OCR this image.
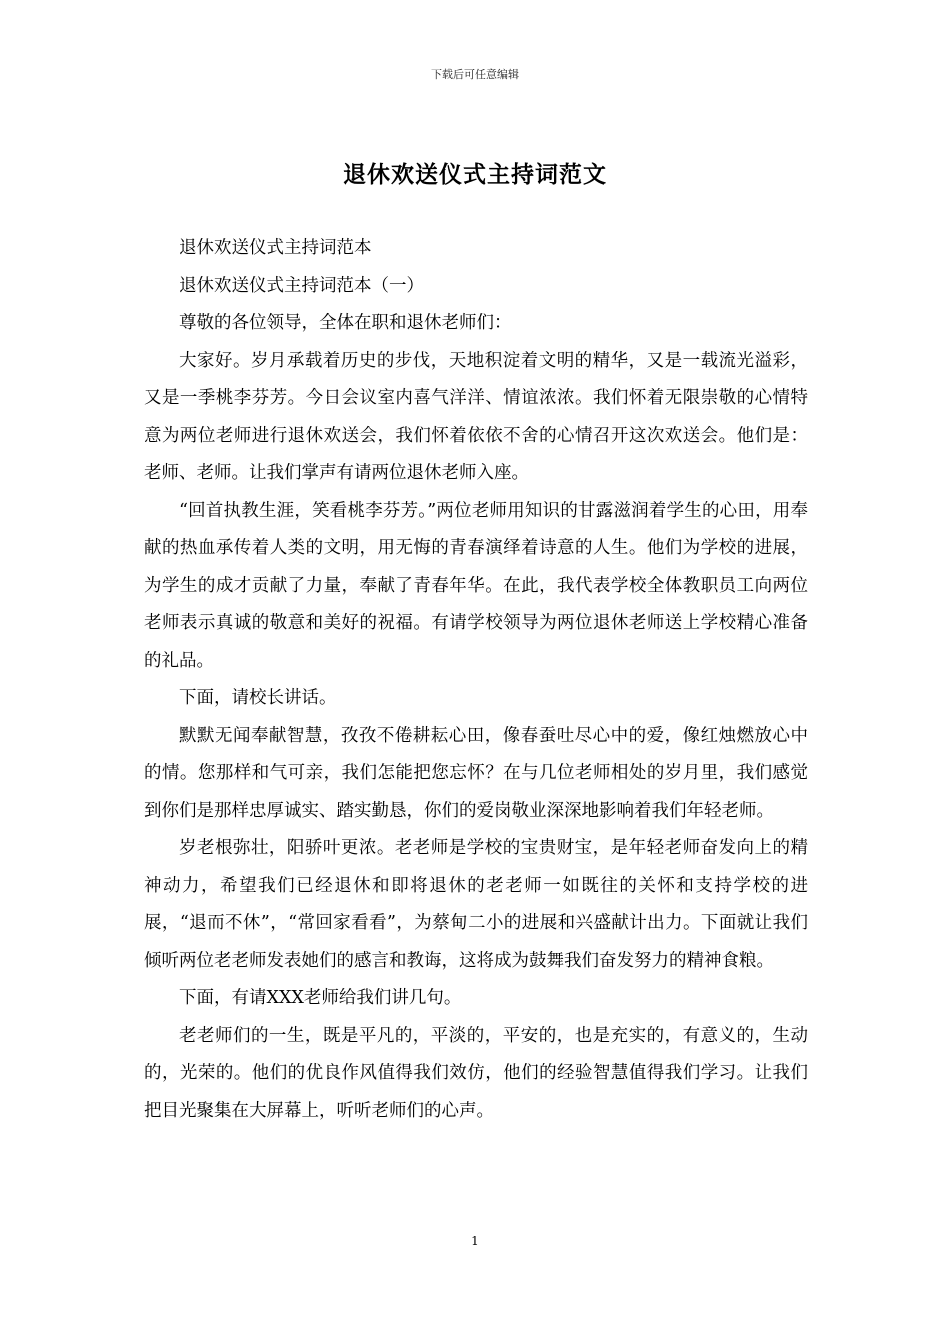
下载后可任意编辑
退休欢送仪式主持词范文

退休欢送仪式主持词范本

退休欢送仪式主持词范本（一）

尊敬的各位领导，全体在职和退休老师们：

大家好。岁月承载着历史的步伐，天地积淀着文明的精华，又是一载流光溢彩，又是一季桃李芬芳。今日会议室内喜气洋洋、情谊浓浓。我们怀着无限崇敬的心情特意为两位老师进行退休欢送会，我们怀着依依不舍的心情召开这次欢送会。他们是：老师、老师。让我们掌声有请两位退休老师入座。

“回首执教生涯，笑看桃李芬芳。”两位老师用知识的甘露滋润着学生的心田，用奉献的热血承传着人类的文明，用无悔的青春演绎着诗意的人生。他们为学校的进展，为学生的成才贡献了力量，奉献了青春年华。在此，我代表学校全体教职员工向两位老师表示真诚的敬意和美好的祝福。有请学校领导为两位退休老师送上学校精心准备的礼品。

下面，请校长讲话。

默默无闻奉献智慧，孜孜不倦耕耘心田，像春蚕吐尽心中的爱，像红烛燃放心中的情。您那样和气可亲，我们怎能把您忘怀？在与几位老师相处的岁月里，我们感觉到你们是那样忠厚诚实、踏实勤恳，你们的爱岗敬业深深地影响着我们年轻老师。

岁老根弥壮，阳骄叶更浓。老老师是学校的宝贵财宝，是年轻老师奋发向上的精神动力，希望我们已经退休和即将退休的老老师一如既往的关怀和支持学校的进展，“退而不休”，“常回家看看”，为蔡甸二小的进展和兴盛献计出力。下面就让我们倾听两位老老师发表她们的感言和教诲，这将成为鼓舞我们奋发努力的精神食粮。

下面，有请XXX老师给我们讲几句。

老老师们的一生，既是平凡的，平淡的，平安的，也是充实的，有意义的，生动的，光荣的。他们的优良作风值得我们效仿，他们的经验智慧值得我们学习。让我们把目光聚集在大屏幕上，听听老师们的心声。

1
